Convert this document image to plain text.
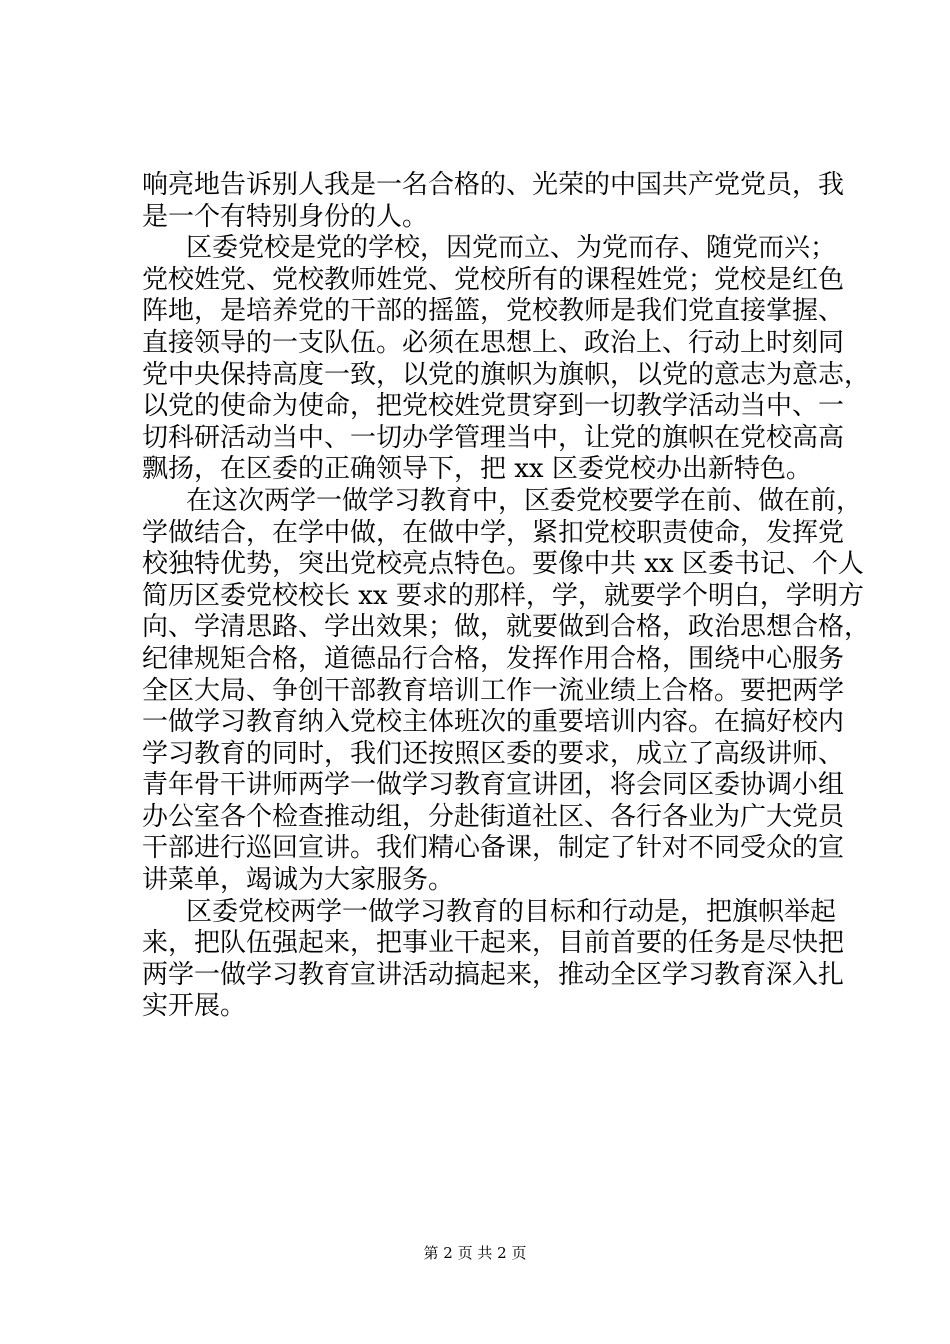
响亮地告诉别人我是一名合格的、光荣的中国共产党党员，我
是一个有特别身份的人。
区委党校是党的学校，因党而立、为党而存、随党而兴；
党校姓党、党校教师姓党、党校所有的课程姓党；党校是红色
阵地，是培养党的干部的摇篮，党校教师是我们党直接掌握、
直接领导的一支队伍。必须在思想上、政治上、行动上时刻同
党中央保持高度一致，以党的旗帜为旗帜，以党的意志为意志，
以党的使命为使命，把党校姓党贯穿到一切教学活动当中、一
切科研活动当中、一切办学管理当中，让党的旗帜在党校高高
飘扬，在区委的正确领导下，把 xx 区委党校办出新特色。
在这次两学一做学习教育中，区委党校要学在前、做在前，
学做结合，在学中做，在做中学，紧扣党校职责使命，发挥党
校独特优势，突出党校亮点特色。要像中共 xx 区委书记、个人
简历区委党校校长 xx 要求的那样，学，就要学个明白，学明方
向、学清思路、学出效果；做，就要做到合格，政治思想合格，
纪律规矩合格，道德品行合格，发挥作用合格，围绕中心服务
全区大局、争创干部教育培训工作一流业绩上合格。要把两学
一做学习教育纳入党校主体班次的重要培训内容。在搞好校内
学习教育的同时，我们还按照区委的要求，成立了高级讲师、
青年骨干讲师两学一做学习教育宣讲团，将会同区委协调小组
办公室各个检查推动组，分赴街道社区、各行各业为广大党员
干部进行巡回宣讲。我们精心备课，制定了针对不同受众的宣
讲菜单，竭诚为大家服务。
区委党校两学一做学习教育的目标和行动是，把旗帜举起
来，把队伍强起来，把事业干起来，目前首要的任务是尽快把
两学一做学习教育宣讲活动搞起来，推动全区学习教育深入扎
实开展。
第 2 页 共 2 页
